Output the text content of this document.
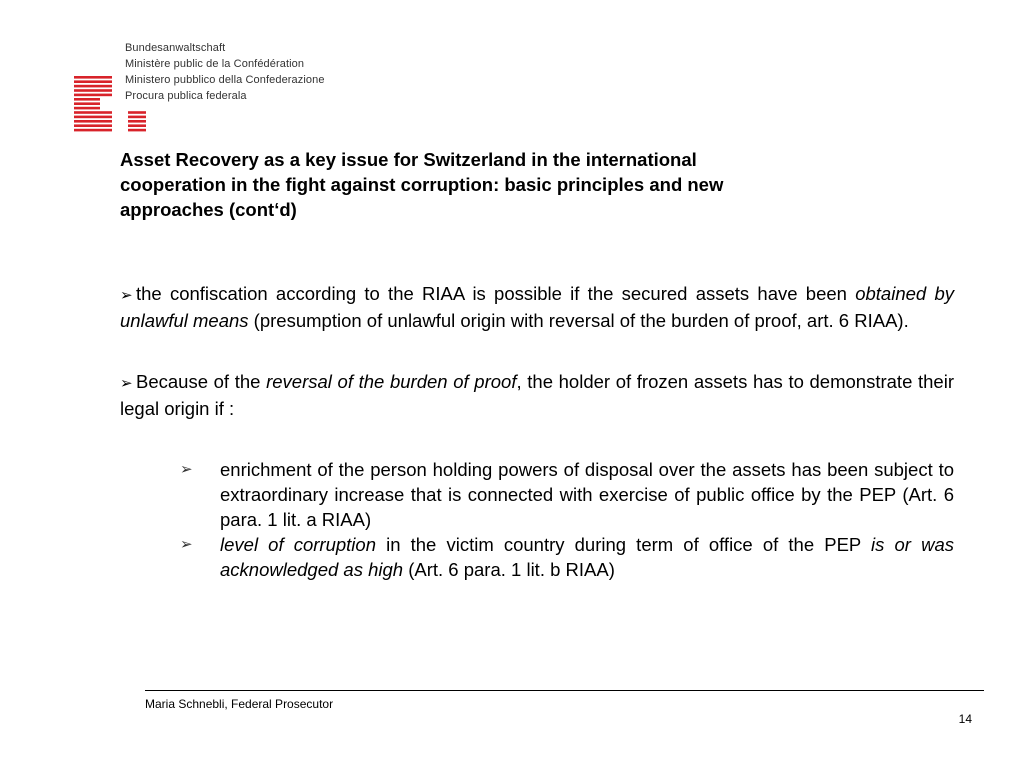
Bundesanwaltschaft
Ministère public de la Confédération
Ministero pubblico della Confederazione
Procura publica federala
Asset Recovery as a key issue for Switzerland in the international
cooperation in the fight against corruption: basic principles and new
approaches (cont‘d)

➢ the confiscation according to the RIAA is possible if the secured assets have been obtained by unlawful means (presumption of unlawful origin with reversal of the burden of proof, art. 6 RIAA).

➢ Because of the reversal of the burden of proof, the holder of frozen assets has to demonstrate their legal origin if :

➢ enrichment of the person holding powers of disposal over the assets has been subject to extraordinary increase that is connected with exercise of public office by the PEP (Art. 6 para. 1 lit. a RIAA)
➢ level of corruption in the victim country during term of office of the PEP is or was acknowledged as high (Art. 6 para. 1 lit. b RIAA)
Maria Schnebli, Federal Prosecutor
14
